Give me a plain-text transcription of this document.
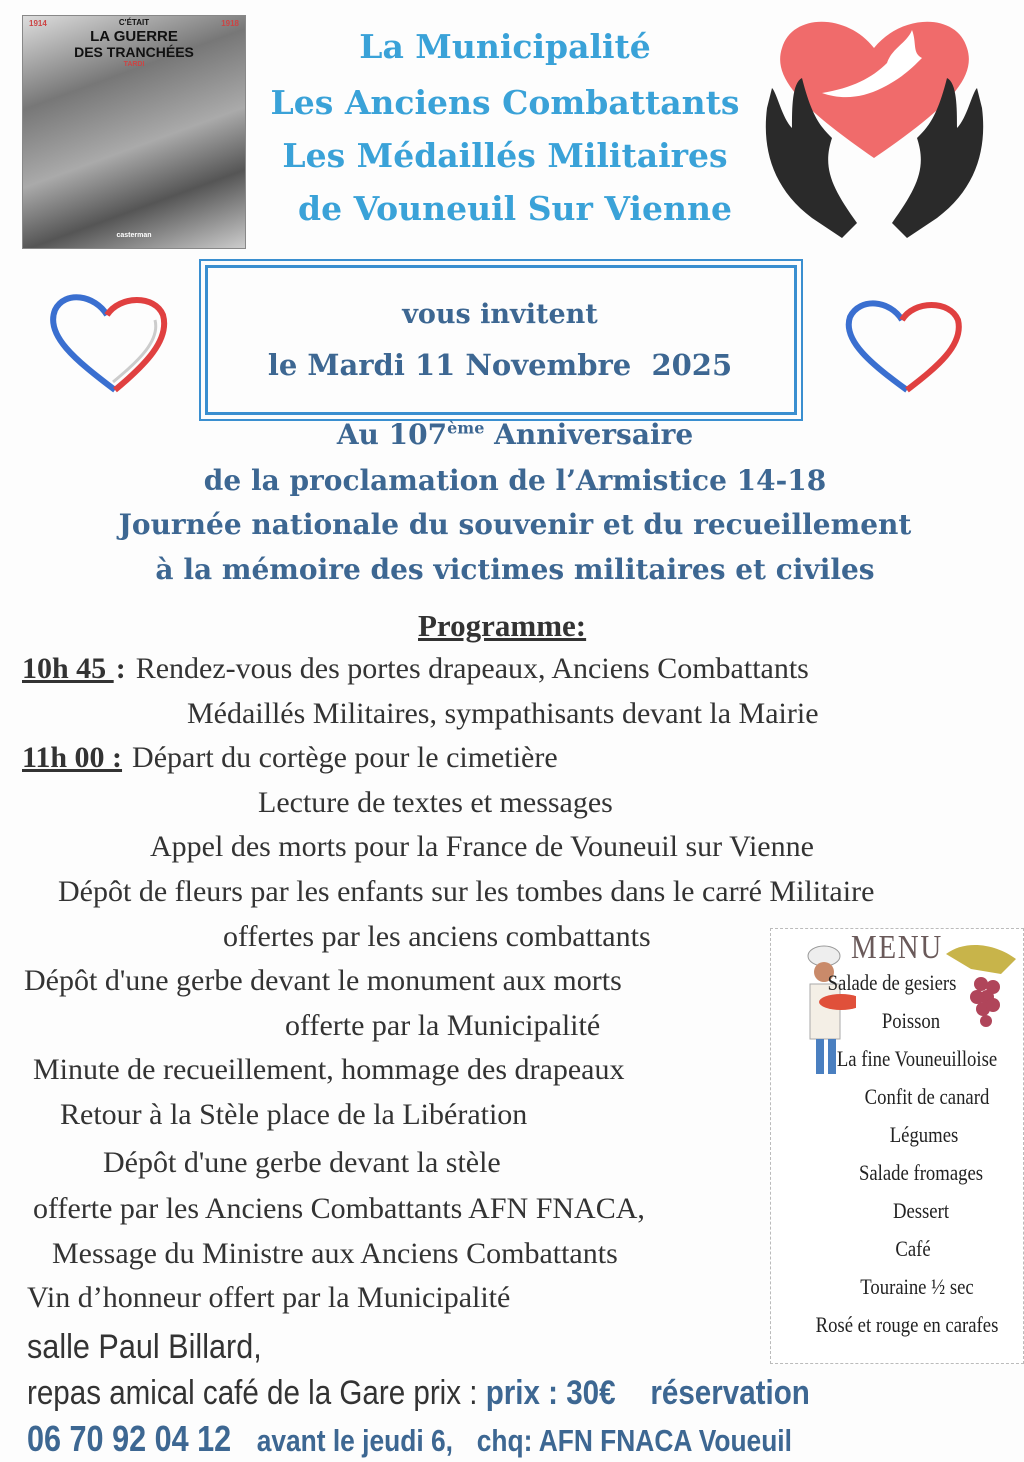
1914	1918
C'ÉTAIT
LA GUERRE
DES TRANCHÉES
TARDI
casterman
La Municipalité
Les Anciens Combattants
Les Médaillés Militaires
de Vouneuil Sur Vienne
vous invitent
le Mardi 11 Novembre  2025
Au 107ème Anniversaire
de la proclamation de l’Armistice 14-18
Journée nationale du souvenir et du recueillement
à la mémoire des victimes militaires et civiles
Programme:
10h 45 : Rendez-vous des portes drapeaux, Anciens Combattants
Médaillés Militaires, sympathisants devant la Mairie
11h 00 : Départ du cortège pour le cimetière
Lecture de textes et messages
Appel des morts pour la France de Vouneuil sur Vienne
Dépôt de fleurs par les enfants sur les tombes dans le carré Militaire
offertes par les anciens combattants
Dépôt d'une gerbe devant le monument aux morts
offerte par la Municipalité
Minute de recueillement, hommage des drapeaux
Retour à la Stèle place de la Libération
Dépôt d'une gerbe devant la stèle
offerte par les Anciens Combattants AFN FNACA,
Message du Ministre aux Anciens Combattants
Vin d’honneur offert par la Municipalité
MENU
Salade de gesiers
Poisson
La fine Vouneuilloise
Confit de canard
Légumes
Salade fromages
Dessert
Café
Touraine ½ sec
Rosé et rouge en carafes
salle Paul Billard,
repas amical café de la Gare prix : prix : 30€ réservation
06 70 92 04 12 avant le jeudi 6, chq: AFN FNACA Voueuil
